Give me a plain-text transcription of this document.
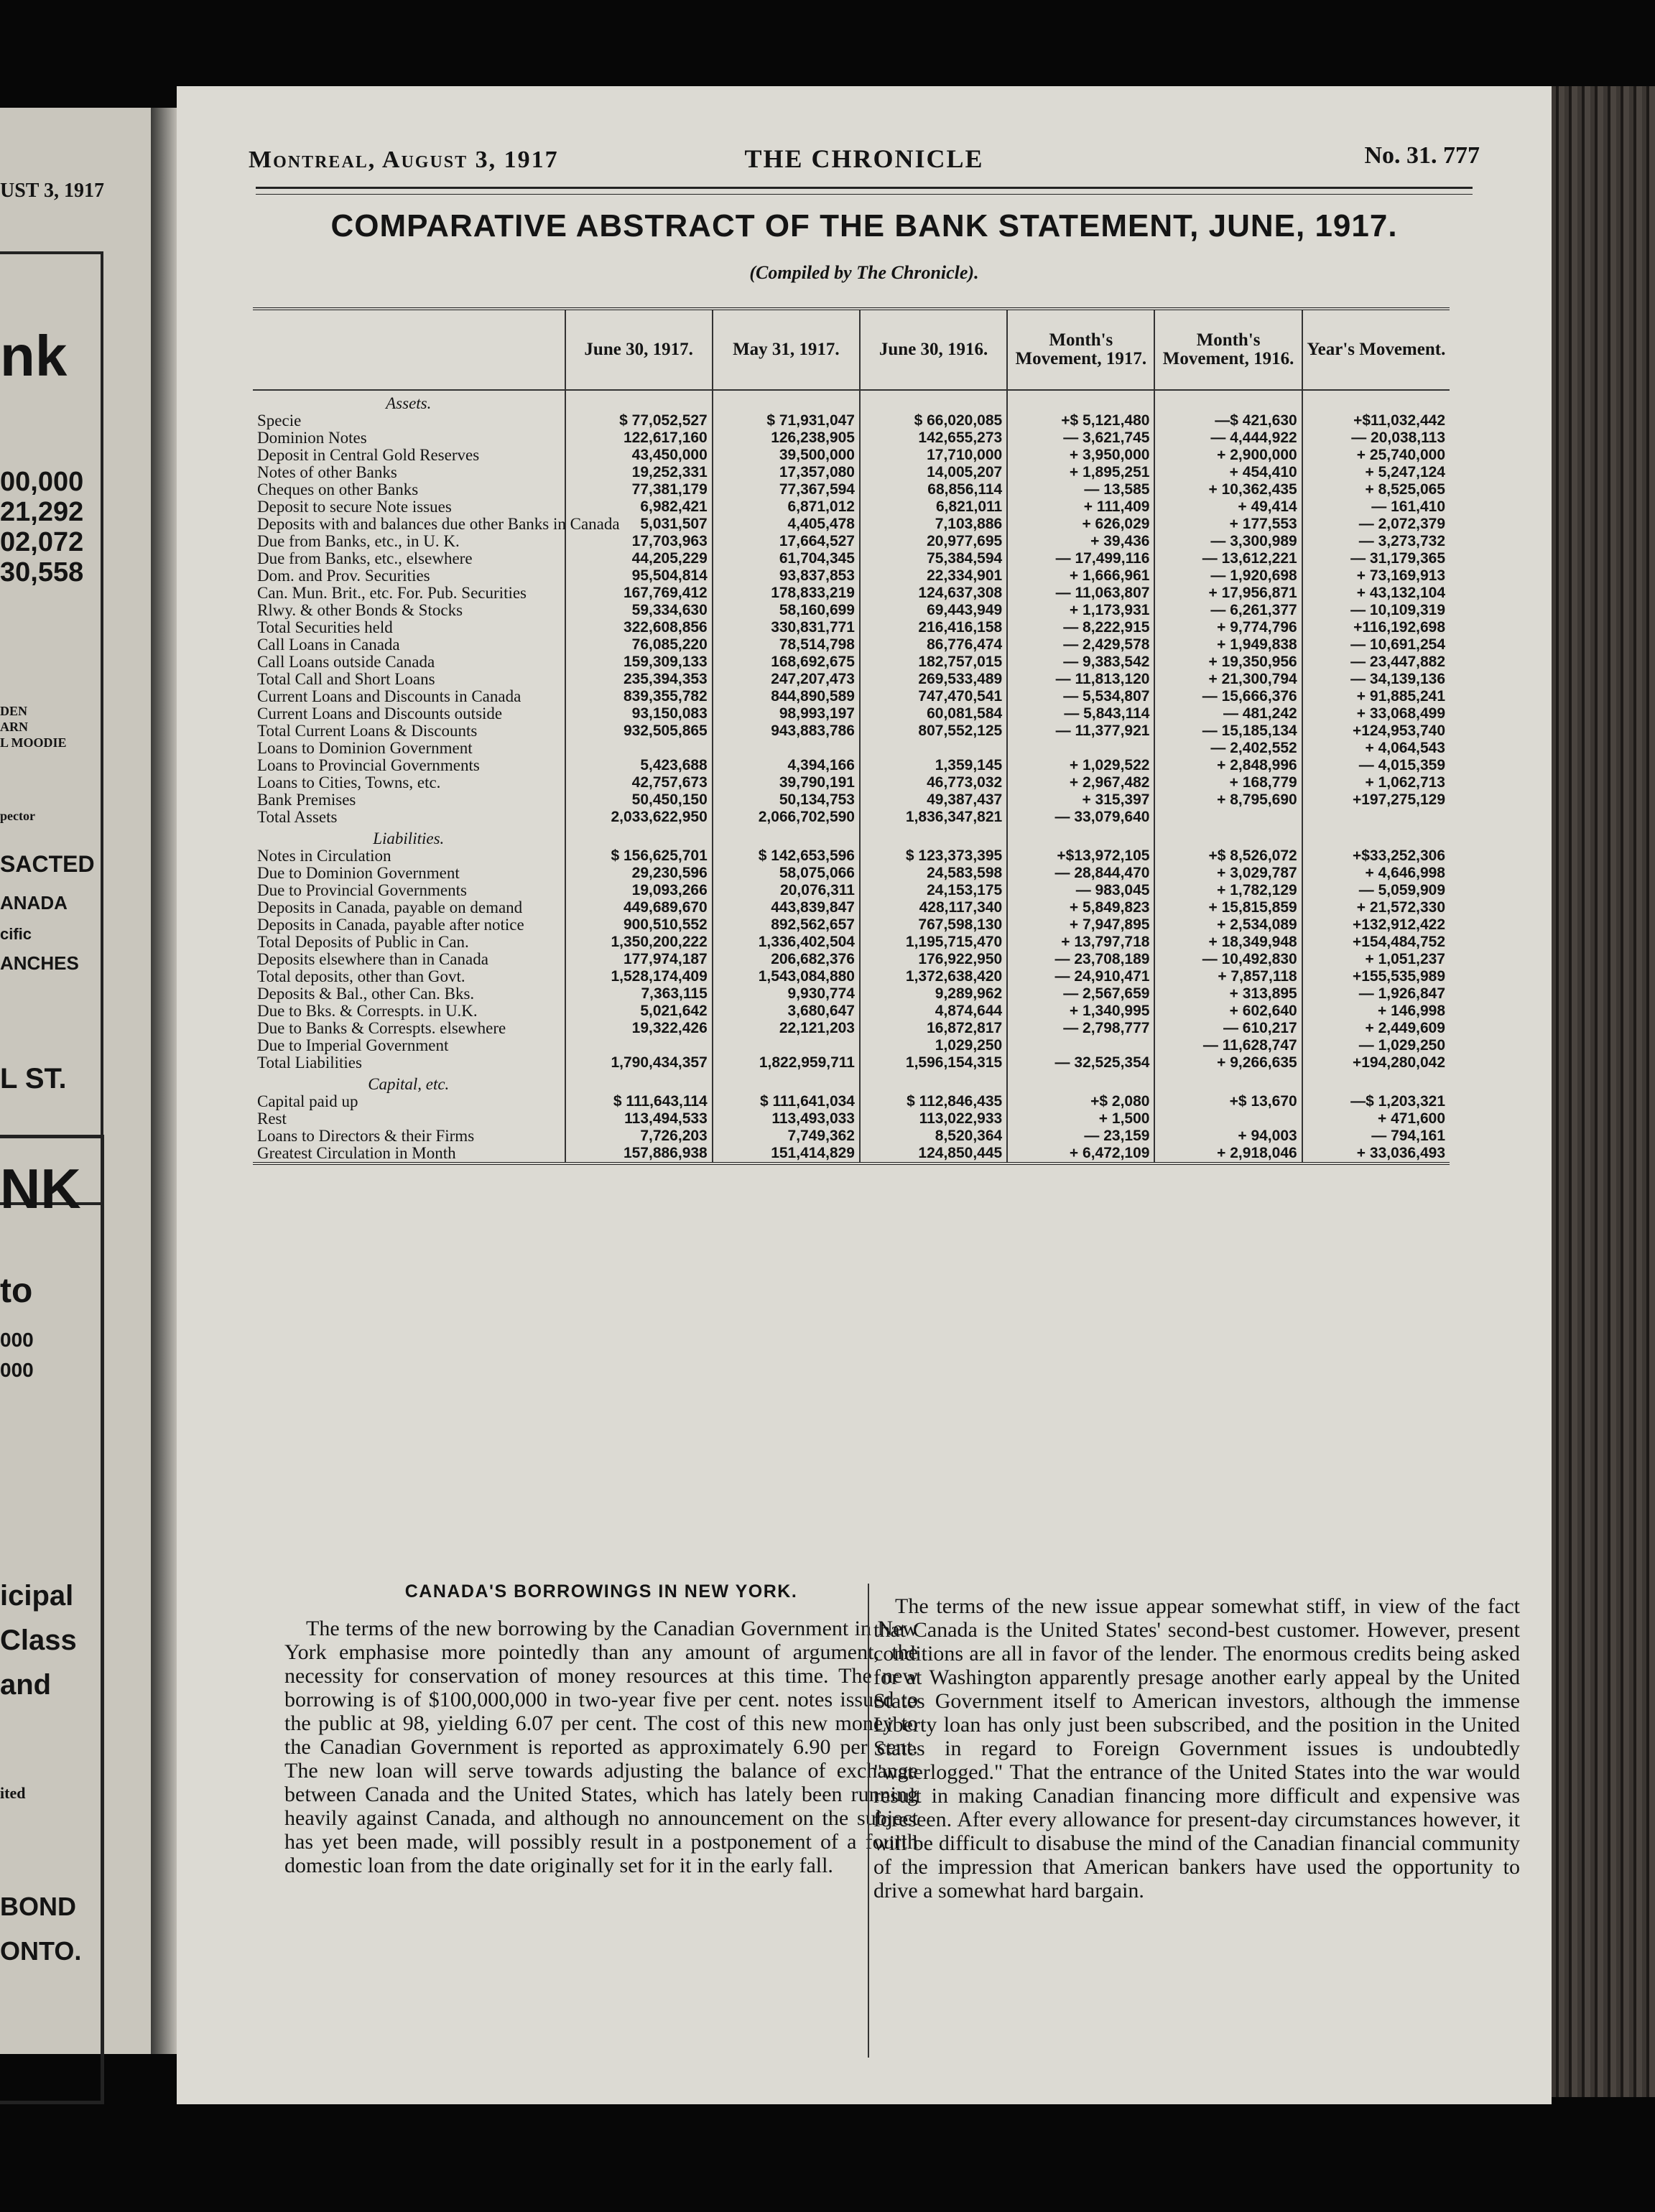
UST 3, 1917
nk
00,000
21,292
02,072
30,558
DEN
ARN
L MOODIE
pector
SACTED
ANADA
cific
ANCHES
L ST.
NK
to
000
000
icipal
Class
and
ited
BOND
ONTO.
Montreal, August 3, 1917	THE CHRONICLE	No. 31. 777
COMPARATIVE ABSTRACT OF THE BANK STATEMENT, JUNE, 1917.
(Compiled by The Chronicle).
	June 30, 1917.	May 31, 1917.	June 30, 1916.	Month's Movement, 1917.	Month's Movement, 1916.	Year's Movement.
Assets.						
Specie	$ 77,052,527	$ 71,931,047	$ 66,020,085	+$ 5,121,480	—$ 421,630	+$11,032,442
Dominion Notes	122,617,160	126,238,905	142,655,273	— 3,621,745	— 4,444,922	— 20,038,113
Deposit in Central Gold Reserves	43,450,000	39,500,000	17,710,000	+ 3,950,000	+ 2,900,000	+ 25,740,000
Notes of other Banks	19,252,331	17,357,080	14,005,207	+ 1,895,251	+ 454,410	+ 5,247,124
Cheques on other Banks	77,381,179	77,367,594	68,856,114	— 13,585	+ 10,362,435	+ 8,525,065
Deposit to secure Note issues	6,982,421	6,871,012	6,821,011	+ 111,409	+ 49,414	— 161,410
Deposits with and balances due other Banks in Canada	5,031,507	4,405,478	7,103,886	+ 626,029	+ 177,553	— 2,072,379
Due from Banks, etc., in U. K.	17,703,963	17,664,527	20,977,695	+ 39,436	— 3,300,989	— 3,273,732
Due from Banks, etc., elsewhere	44,205,229	61,704,345	75,384,594	— 17,499,116	— 13,612,221	— 31,179,365
Dom. and Prov. Securities	95,504,814	93,837,853	22,334,901	+ 1,666,961	— 1,920,698	+ 73,169,913
Can. Mun. Brit., etc. For. Pub. Securities	167,769,412	178,833,219	124,637,308	— 11,063,807	+ 17,956,871	+ 43,132,104
Rlwy. & other Bonds & Stocks	59,334,630	58,160,699	69,443,949	+ 1,173,931	— 6,261,377	— 10,109,319
Total Securities held	322,608,856	330,831,771	216,416,158	— 8,222,915	+ 9,774,796	+116,192,698
Call Loans in Canada	76,085,220	78,514,798	86,776,474	— 2,429,578	+ 1,949,838	— 10,691,254
Call Loans outside Canada	159,309,133	168,692,675	182,757,015	— 9,383,542	+ 19,350,956	— 23,447,882
Total Call and Short Loans	235,394,353	247,207,473	269,533,489	— 11,813,120	+ 21,300,794	— 34,139,136
Current Loans and Discounts in Canada	839,355,782	844,890,589	747,470,541	— 5,534,807	— 15,666,376	+ 91,885,241
Current Loans and Discounts outside	93,150,083	98,993,197	60,081,584	— 5,843,114	— 481,242	+ 33,068,499
Total Current Loans & Discounts	932,505,865	943,883,786	807,552,125	— 11,377,921	— 15,185,134	+124,953,740
Loans to Dominion Government					— 2,402,552	+ 4,064,543
Loans to Provincial Governments	5,423,688	4,394,166	1,359,145	+ 1,029,522	+ 2,848,996	— 4,015,359
Loans to Cities, Towns, etc.	42,757,673	39,790,191	46,773,032	+ 2,967,482	+ 168,779	+ 1,062,713
Bank Premises	50,450,150	50,134,753	49,387,437	+ 315,397	+ 8,795,690	+197,275,129
Total Assets	2,033,622,950	2,066,702,590	1,836,347,821	— 33,079,640		
Liabilities.						
Notes in Circulation	$ 156,625,701	$ 142,653,596	$ 123,373,395	+$13,972,105	+$ 8,526,072	+$33,252,306
Due to Dominion Government	29,230,596	58,075,066	24,583,598	— 28,844,470	+ 3,029,787	+ 4,646,998
Due to Provincial Governments	19,093,266	20,076,311	24,153,175	— 983,045	+ 1,782,129	— 5,059,909
Deposits in Canada, payable on demand	449,689,670	443,839,847	428,117,340	+ 5,849,823	+ 15,815,859	+ 21,572,330
Deposits in Canada, payable after notice	900,510,552	892,562,657	767,598,130	+ 7,947,895	+ 2,534,089	+132,912,422
Total Deposits of Public in Can.	1,350,200,222	1,336,402,504	1,195,715,470	+ 13,797,718	+ 18,349,948	+154,484,752
Deposits elsewhere than in Canada	177,974,187	206,682,376	176,922,950	— 23,708,189	— 10,492,830	+ 1,051,237
Total deposits, other than Govt.	1,528,174,409	1,543,084,880	1,372,638,420	— 24,910,471	+ 7,857,118	+155,535,989
Deposits & Bal., other Can. Bks.	7,363,115	9,930,774	9,289,962	— 2,567,659	+ 313,895	— 1,926,847
Due to Bks. & Correspts. in U.K.	5,021,642	3,680,647	4,874,644	+ 1,340,995	+ 602,640	+ 146,998
Due to Banks & Correspts. elsewhere	19,322,426	22,121,203	16,872,817	— 2,798,777	— 610,217	+ 2,449,609
Due to Imperial Government			1,029,250		— 11,628,747	— 1,029,250
Total Liabilities	1,790,434,357	1,822,959,711	1,596,154,315	— 32,525,354	+ 9,266,635	+194,280,042
Capital, etc.						
Capital paid up	$ 111,643,114	$ 111,641,034	$ 112,846,435	+$ 2,080	+$ 13,670	—$ 1,203,321
Rest	113,494,533	113,493,033	113,022,933	+ 1,500		+ 471,600
Loans to Directors & their Firms	7,726,203	7,749,362	8,520,364	— 23,159	+ 94,003	— 794,161
Greatest Circulation in Month	157,886,938	151,414,829	124,850,445	+ 6,472,109	+ 2,918,046	+ 33,036,493
CANADA'S BORROWINGS IN NEW YORK.

The terms of the new borrowing by the Canadian Government in New York emphasise more pointedly than any amount of argument, the necessity for conservation of money resources at this time. The new borrowing is of $100,000,000 in two-year five per cent. notes issued to the public at 98, yielding 6.07 per cent. The cost of this new money to the Canadian Government is reported as approximately 6.90 per cent. The new loan will serve towards adjusting the balance of exchange between Canada and the United States, which has lately been running heavily against Canada, and although no announcement on the subject has yet been made, will possibly result in a postponement of a fourth domestic loan from the date originally set for it in the early fall.

The terms of the new issue appear somewhat stiff, in view of the fact that Canada is the United States' second-best customer. However, present conditions are all in favor of the lender. The enormous credits being asked for at Washington apparently presage another early appeal by the United States Government itself to American investors, although the immense Liberty loan has only just been subscribed, and the position in the United States in regard to Foreign Government issues is undoubtedly "waterlogged." That the entrance of the United States into the war would result in making Canadian financing more difficult and expensive was foreseen. After every allowance for present-day circumstances however, it will be difficult to disabuse the mind of the Canadian financial community of the impression that American bankers have used the opportunity to drive a somewhat hard bargain.
